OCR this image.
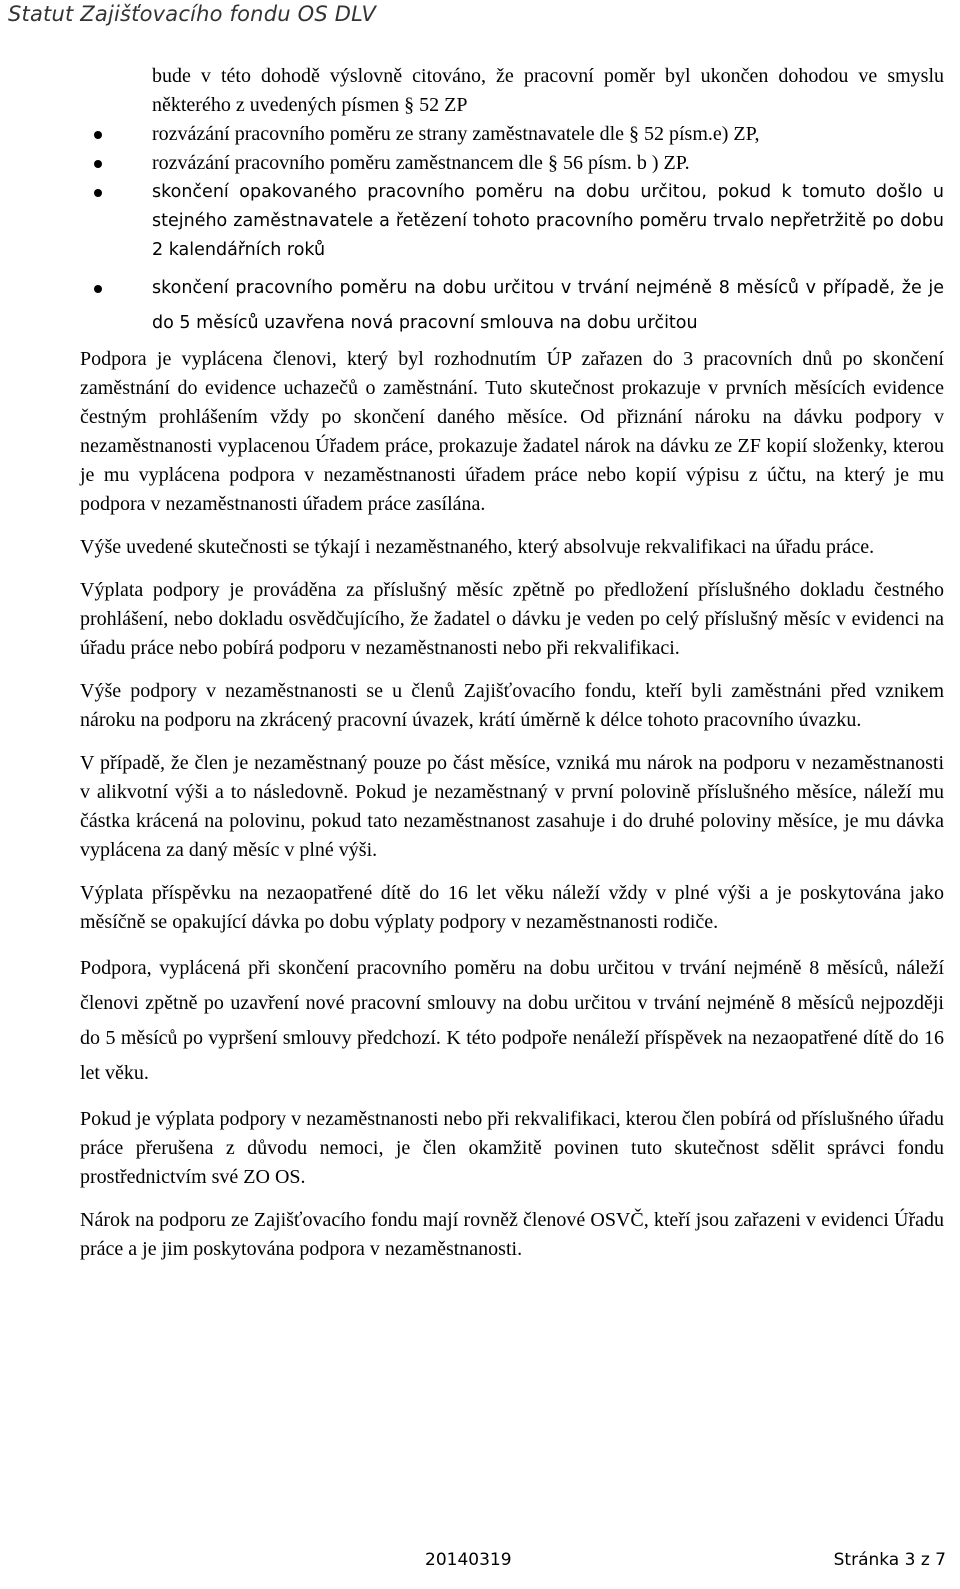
Statut Zajišťovacího fondu OS DLV
bude v této dohodě výslovně citováno, že pracovní poměr byl ukončen dohodou ve smyslu některého z uvedených písmen § 52 ZP
rozvázání pracovního poměru ze strany zaměstnavatele dle § 52 písm.e) ZP,
rozvázání pracovního poměru zaměstnancem dle § 56 písm. b ) ZP.
skončení opakovaného pracovního poměru na dobu určitou, pokud k tomuto došlo u stejného zaměstnavatele a řetězení tohoto pracovního poměru trvalo nepřetržitě po dobu 2 kalendářních roků
skončení pracovního poměru na dobu určitou v trvání nejméně 8 měsíců v případě, že je do 5 měsíců uzavřena nová pracovní smlouva na dobu určitou

Podpora je vyplácena členovi, který byl rozhodnutím ÚP zařazen do 3 pracovních dnů po skončení zaměstnání do evidence uchazečů o zaměstnání. Tuto skutečnost prokazuje v prvních měsících evidence čestným prohlášením vždy po skončení daného měsíce. Od přiznání nároku na dávku podpory v nezaměstnanosti vyplacenou Úřadem práce, prokazuje žadatel nárok na dávku ze ZF kopií složenky, kterou je mu vyplácena podpora v nezaměstnanosti úřadem práce nebo kopií výpisu z účtu, na který je mu podpora v nezaměstnanosti úřadem práce zasílána.

Výše uvedené skutečnosti se týkají i nezaměstnaného, který absolvuje rekvalifikaci na úřadu práce.

Výplata podpory je prováděna za příslušný měsíc zpětně po předložení příslušného dokladu čestného prohlášení, nebo dokladu osvědčujícího, že žadatel o dávku je veden po celý příslušný měsíc v evidenci na úřadu práce nebo pobírá podporu v nezaměstnanosti nebo při rekvalifikaci.

Výše podpory v nezaměstnanosti se u členů Zajišťovacího fondu, kteří byli zaměstnáni před vznikem nároku na podporu na zkrácený pracovní úvazek, krátí úměrně k délce tohoto pracovního úvazku.

V případě, že člen je nezaměstnaný pouze po část měsíce, vzniká mu nárok na podporu v nezaměstnanosti v alikvotní výši a to následovně. Pokud je nezaměstnaný v první polovině příslušného měsíce, náleží mu částka krácená na polovinu, pokud tato nezaměstnanost zasahuje i do druhé poloviny měsíce, je mu dávka vyplácena za daný měsíc v plné výši.

Výplata příspěvku na nezaopatřené dítě do 16 let věku náleží vždy v plné výši a je poskytována jako měsíčně se opakující dávka po dobu výplaty podpory v nezaměstnanosti rodiče.

Podpora, vyplácená při skončení pracovního poměru na dobu určitou v trvání nejméně 8 měsíců, náleží členovi zpětně po uzavření nové pracovní smlouvy na dobu určitou v trvání nejméně 8 měsíců nejpozději do 5 měsíců po vypršení smlouvy předchozí. K této podpoře nenáleží příspěvek na nezaopatřené dítě do 16 let věku.

Pokud je výplata podpory v nezaměstnanosti nebo při rekvalifikaci, kterou člen pobírá od příslušného úřadu práce přerušena z důvodu nemoci, je člen okamžitě povinen tuto skutečnost sdělit správci fondu prostřednictvím své ZO OS.

Nárok na podporu ze Zajišťovacího fondu mají rovněž členové OSVČ, kteří jsou zařazeni v evidenci Úřadu práce a je jim poskytována podpora v nezaměstnanosti.

20140319	Stránka 3 z 7
